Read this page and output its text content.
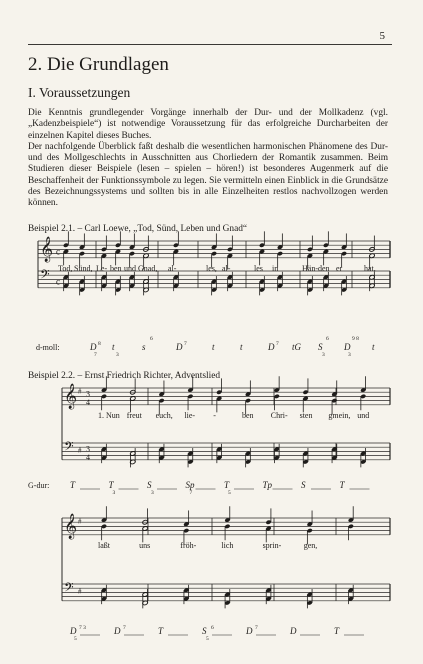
5
2. Die Grundlagen
I. Voraussetzungen

Die Kenntnis grundlegender Vorgänge innerhalb der Dur- und der Mollkadenz (vgl. „Kadenzbeispiele“) ist notwendige Voraussetzung für das erfolgreiche Durcharbeiten der einzelnen Kapitel dieses Buches.

Der nachfolgende Überblick faßt deshalb die wesentlichen harmonischen Phänomene des Dur- und des Mollgeschlechts in Ausschnitten aus Chorliedern der Romantik zusammen. Beim Studieren dieser Beispiele (lesen – spielen – hören!) ist besonderes Augenmerk auf die Beschaffenheit der Funktionssymbole zu legen. Sie vermitteln einen Einblick in die Grundsätze des Bezeichnungssystems und sollten bis in alle Einzelheiten restlos nachvollzogen werden können.

Beispiel 2.1. – Carl Loewe, „Tod, Sünd, Leben und Gnad“
Beispiel 2.2. – Ernst Friedrich Richter, Adventslied
𝄞
𝄢
c
c
Tod, Sünd, Le- ben und Gnad, al-	les, al-	les in	Hän- den er	hat,
d-moll:	D 8
7
t
3
s
6
D 7	t	t	D 7 tG S
6
3
D
9 8
3
t
G-dur:
𝄞
𝄢
#
#
3
4
3
4
1. Nun freut euch, lie- -	ben Chri- sten gmein, und
T	T
3
S
3
Sp
7
T
5
Tp	S	T
𝄞
𝄢
#
#
laßt	uns	fröh-	lich	sprin-	gen,
D 7 3
5
D 7	T	S 6
5
D 7	D	T
